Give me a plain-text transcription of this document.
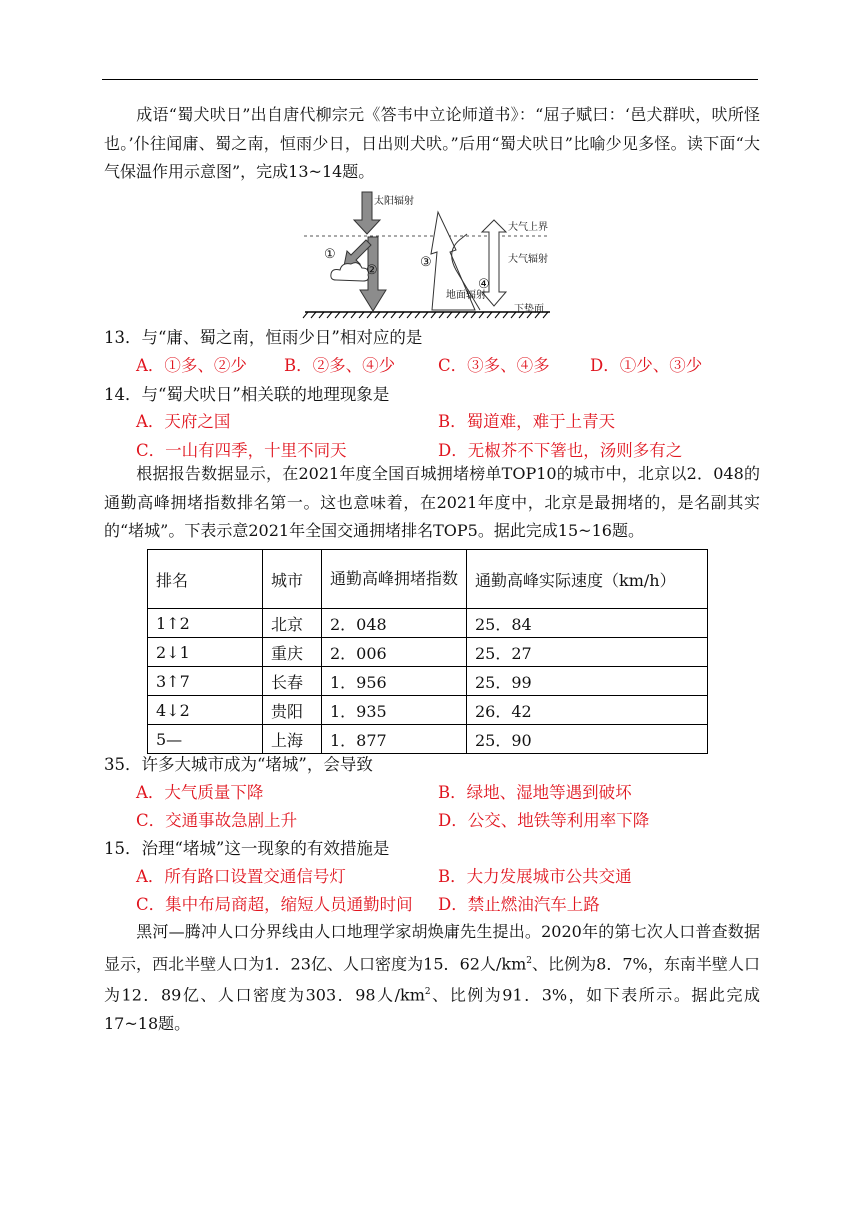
成语“蜀犬吠日”出自唐代柳宗元《答韦中立论师道书》：“屈子赋曰：‘邑犬群吠，吠所怪也。’仆往闻庸、蜀之南，恒雨少日，日出则犬吠。”后用“蜀犬吠日”比喻少见多怪。读下面“大气保温作用示意图”，完成13~14题。
太阳辐射
大气上界
大气辐射
地面辐射
下垫面
①
②
③
④
13．与“庸、蜀之南，恒雨少日”相对应的是
A．①多、②少 B．②多、④少	C．③多、④多 D．①少、③少
14．与“蜀犬吠日”相关联的地理现象是
A．天府之国	B．蜀道难，难于上青天
C．一山有四季，十里不同天	D．无椒芥不下箸也，汤则多有之
根据报告数据显示，在2021年度全国百城拥堵榜单TOP10的城市中，北京以2．048的通勤高峰拥堵指数排名第一。这也意味着，在2021年度中，北京是最拥堵的，是名副其实的“堵城”。下表示意2021年全国交通拥堵排名TOP5。据此完成15~16题。
排名	城市	通勤高峰拥堵指数	通勤高峰实际速度（km/h）
1↑2	北京	2．048	25．84
2↓1	重庆	2．006	25．27
3↑7	长春	1．956	25．99
4↓2	贵阳	1．935	26．42
5—	上海	1．877	25．90
35．许多大城市成为“堵城”，会导致
A．大气质量下降	B．绿地、湿地等遇到破坏
C．交通事故急剧上升	D．公交、地铁等利用率下降
15．治理“堵城”这一现象的有效措施是
A．所有路口设置交通信号灯	B．大力发展城市公共交通
C．集中布局商超，缩短人员通勤时间 D．禁止燃油汽车上路
黑河—腾冲人口分界线由人口地理学家胡焕庸先生提出。2020年的第七次人口普查数据显示，西北半壁人口为1．23亿、人口密度为15．62人$/km^2$、比例为8．7%，东南半壁人口为12．89亿、人口密度为303．98人$/km^2$、比例为91．3%，如下表所示。据此完成17~18题。
